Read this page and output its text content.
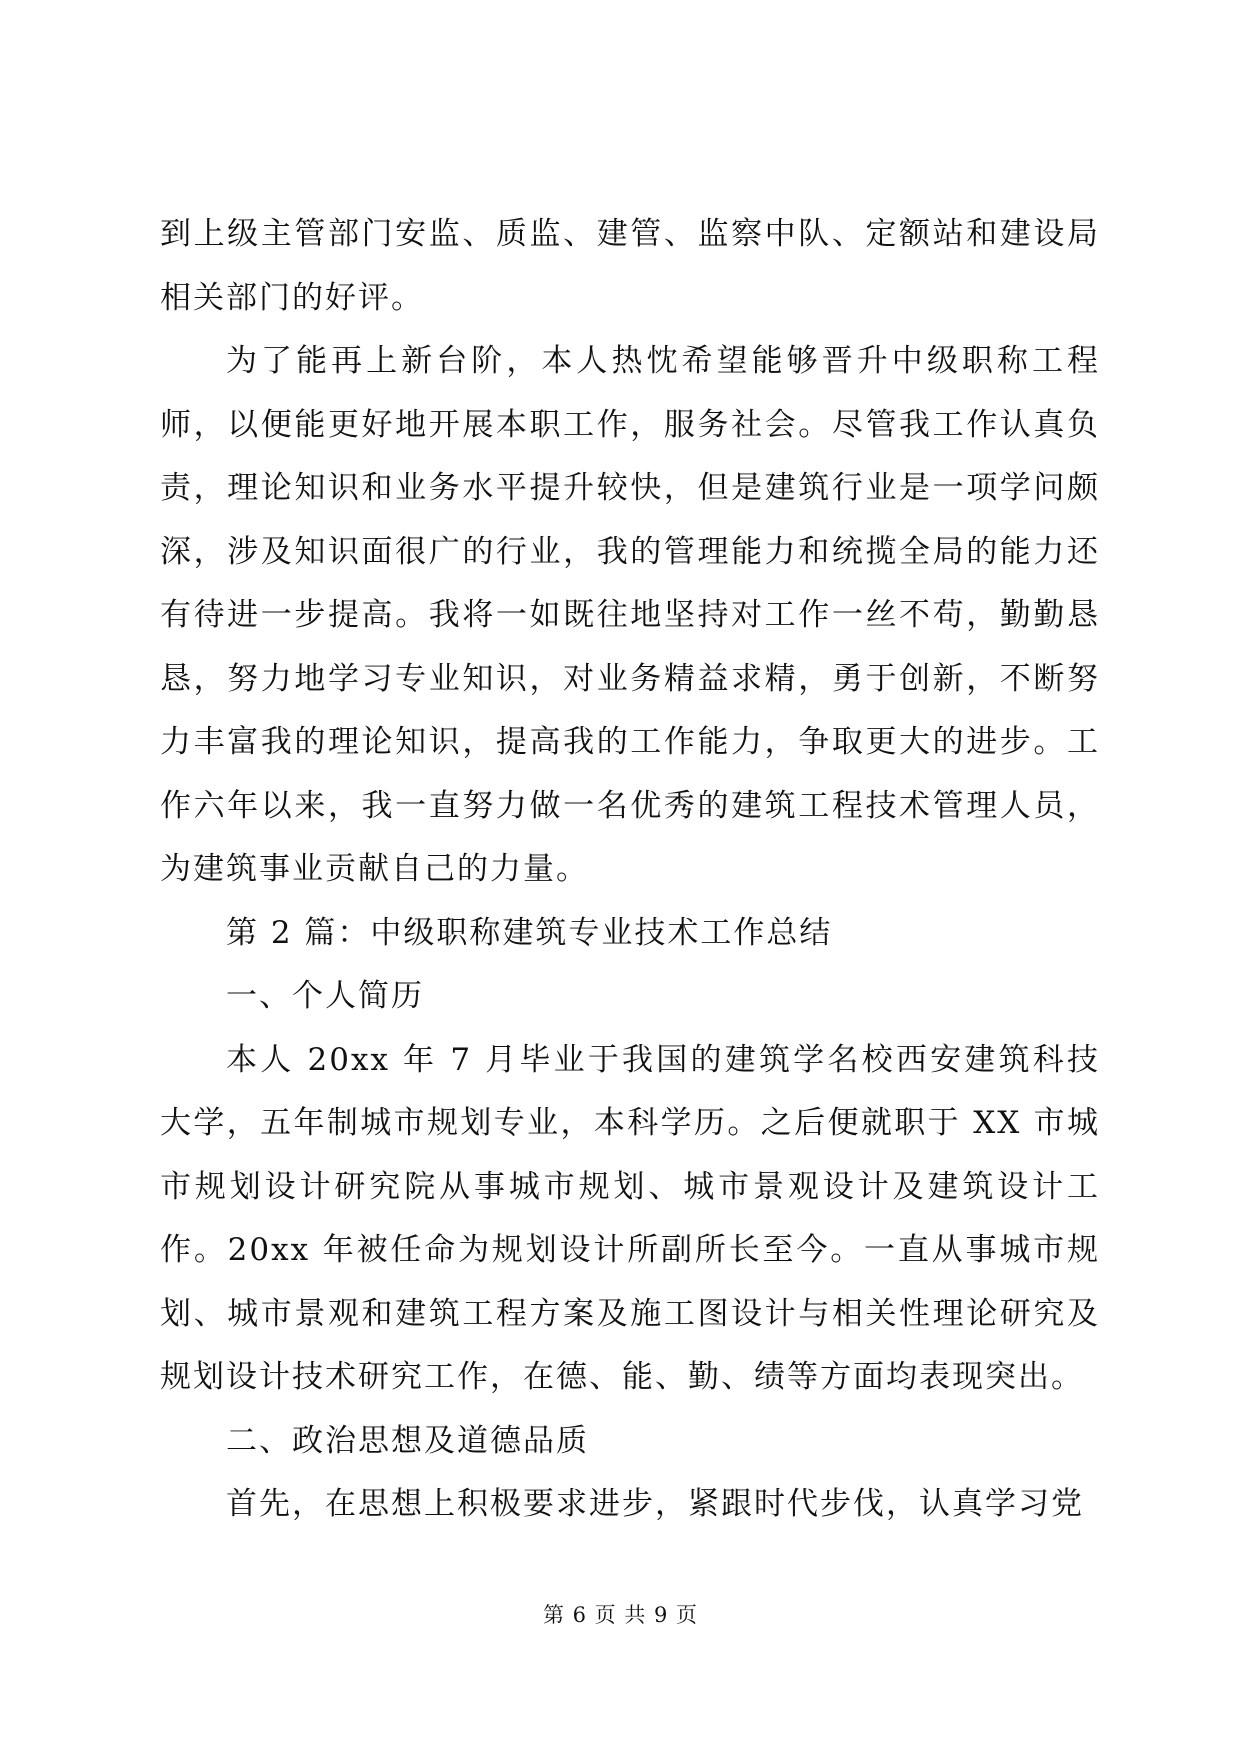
到上级主管部门安监、质监、建管、监察中队、定额站和建设局相关部门的好评。

为了能再上新台阶，本人热忱希望能够晋升中级职称工程师，以便能更好地开展本职工作，服务社会。尽管我工作认真负责，理论知识和业务水平提升较快，但是建筑行业是一项学问颇深，涉及知识面很广的行业，我的管理能力和统揽全局的能力还有待进一步提高。我将一如既往地坚持对工作一丝不苟，勤勤恳恳，努力地学习专业知识，对业务精益求精，勇于创新，不断努力丰富我的理论知识，提高我的工作能力，争取更大的进步。工作六年以来，我一直努力做一名优秀的建筑工程技术管理人员，为建筑事业贡献自己的力量。

第 2 篇：中级职称建筑专业技术工作总结

一、个人简历

本人 20xx 年 7 月毕业于我国的建筑学名校西安建筑科技大学，五年制城市规划专业，本科学历。之后便就职于 XX 市城市规划设计研究院从事城市规划、城市景观设计及建筑设计工作。20xx 年被任命为规划设计所副所长至今。一直从事城市规划、城市景观和建筑工程方案及施工图设计与相关性理论研究及规划设计技术研究工作，在德、能、勤、绩等方面均表现突出。

二、政治思想及道德品质

首先，在思想上积极要求进步，紧跟时代步伐，认真学习党

第 6 页 共 9 页
